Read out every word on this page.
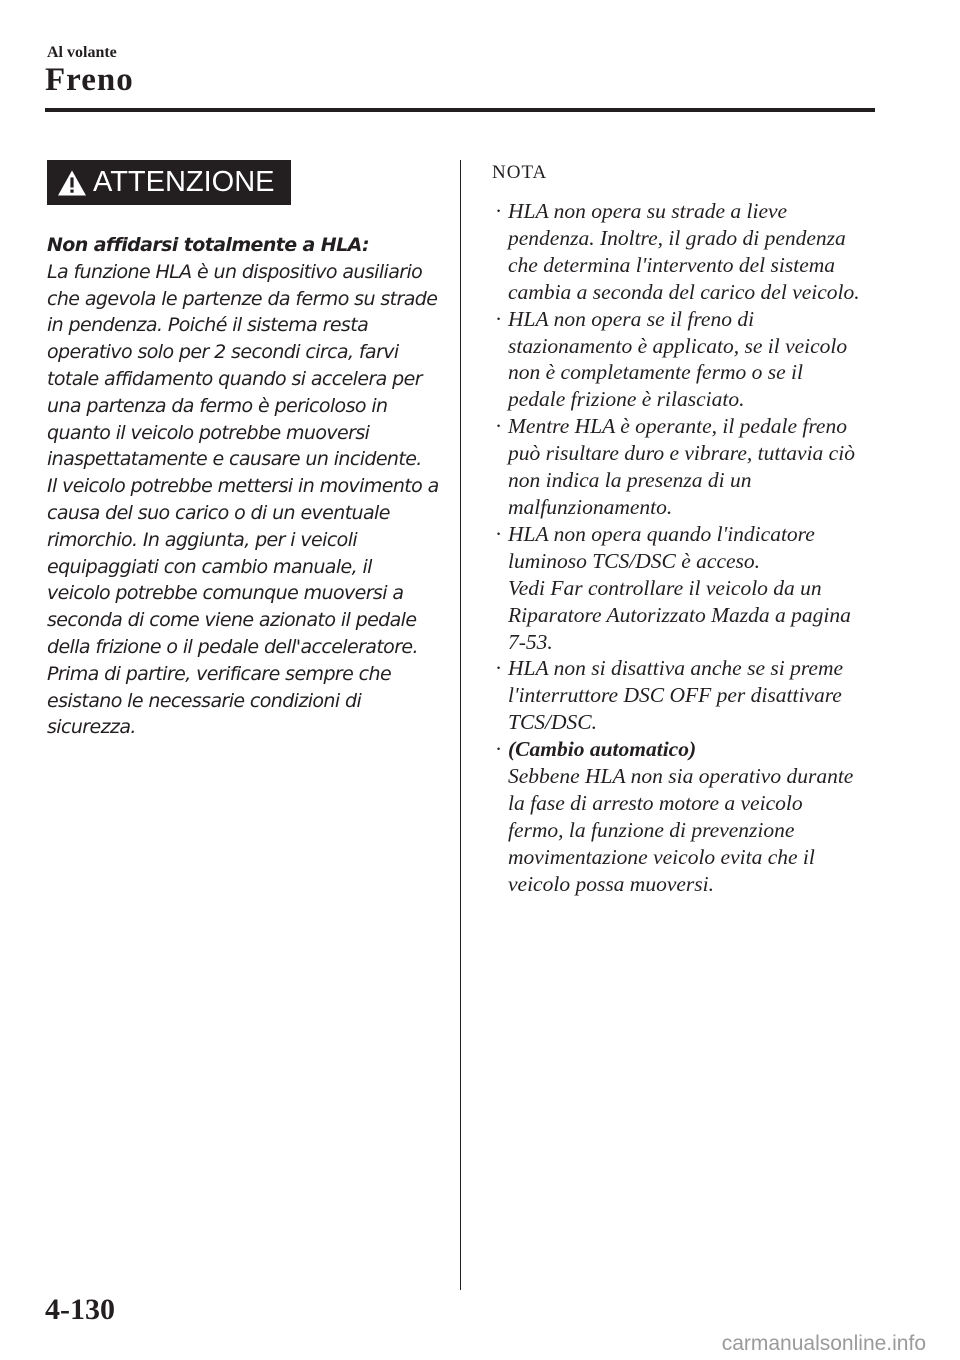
Al volante
Freno
ATTENZIONE
Non affidarsi totalmente a HLA:
La funzione HLA è un dispositivo ausiliario
che agevola le partenze da fermo su strade
in pendenza. Poiché il sistema resta
operativo solo per 2 secondi circa, farvi
totale affidamento quando si accelera per
una partenza da fermo è pericoloso in
quanto il veicolo potrebbe muoversi
inaspettatamente e causare un incidente.
Il veicolo potrebbe mettersi in movimento a
causa del suo carico o di un eventuale
rimorchio. In aggiunta, per i veicoli
equipaggiati con cambio manuale, il
veicolo potrebbe comunque muoversi a
seconda di come viene azionato il pedale
della frizione o il pedale dell'acceleratore.
Prima di partire, verificare sempre che
esistano le necessarie condizioni di
sicurezza.
NOTA
· HLA non opera su strade a lieve
pendenza. Inoltre, il grado di pendenza
che determina l'intervento del sistema
cambia a seconda del carico del veicolo.
· HLA non opera se il freno di
stazionamento è applicato, se il veicolo
non è completamente fermo o se il
pedale frizione è rilasciato.
· Mentre HLA è operante, il pedale freno
può risultare duro e vibrare, tuttavia ciò
non indica la presenza di un
malfunzionamento.
· HLA non opera quando l'indicatore
luminoso TCS/DSC è acceso.
Vedi Far controllare il veicolo da un
Riparatore Autorizzato Mazda a pagina
7-53.
· HLA non si disattiva anche se si preme
l'interruttore DSC OFF per disattivare
TCS/DSC.
· (Cambio automatico)
Sebbene HLA non sia operativo durante
la fase di arresto motore a veicolo
fermo, la funzione di prevenzione
movimentazione veicolo evita che il
veicolo possa muoversi.
4-130
carmanualsonline.info
